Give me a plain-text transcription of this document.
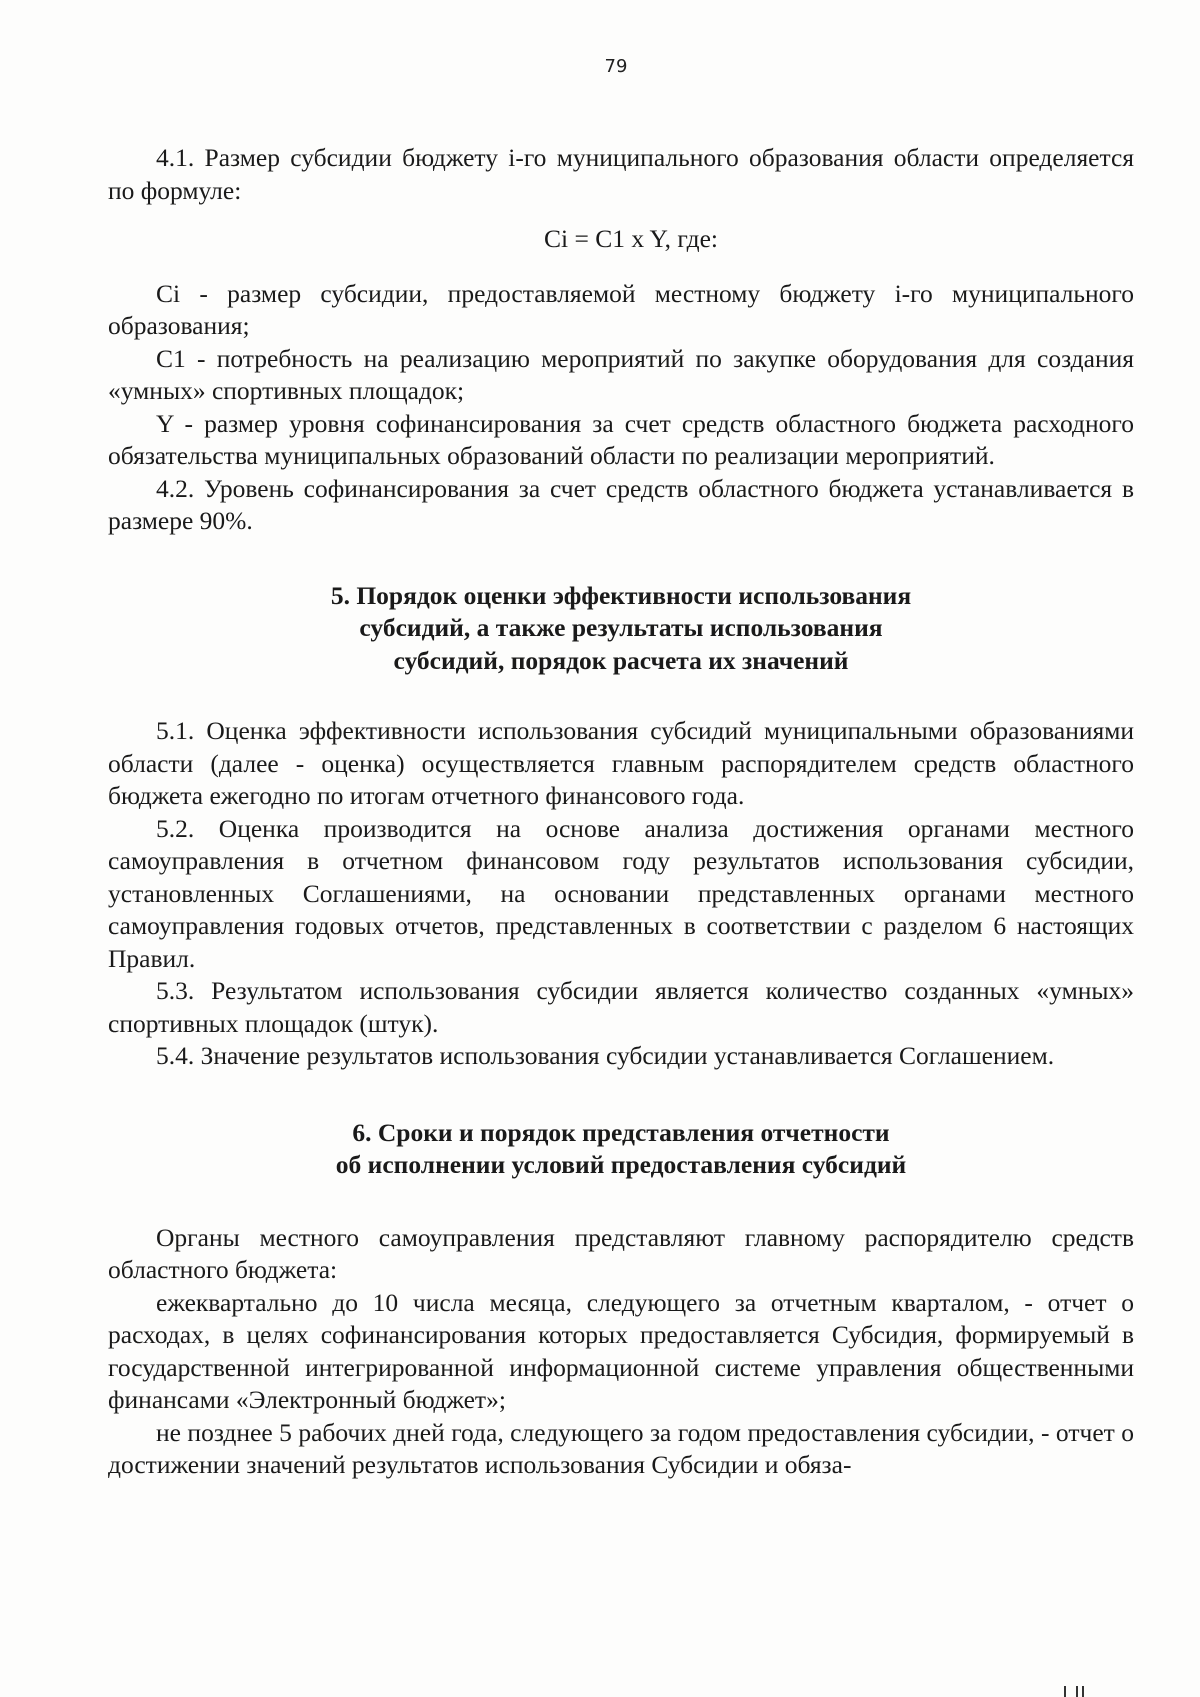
79

4.1. Размер субсидии бюджету i-го муниципального образования области определяется по формуле:

Ci = C1 x Y, где:

Ci - размер субсидии, предоставляемой местному бюджету i-го муниципального образования;

C1 - потребность на реализацию мероприятий по закупке оборудования для создания «умных» спортивных площадок;

Y - размер уровня софинансирования за счет средств областного бюджета расходного обязательства муниципальных образований области по реализации мероприятий.

4.2. Уровень софинансирования за счет средств областного бюджета устанавливается в размере 90%.

5. Порядок оценки эффективности использования
субсидий, а также результаты использования
субсидий, порядок расчета их значений

5.1. Оценка эффективности использования субсидий муниципальными образованиями области (далее - оценка) осуществляется главным распорядителем средств областного бюджета ежегодно по итогам отчетного финансового года.

5.2. Оценка производится на основе анализа достижения органами местного самоуправления в отчетном финансовом году результатов использования субсидии, установленных Соглашениями, на основании представленных органами местного самоуправления годовых отчетов, представленных в соответствии с разделом 6 настоящих Правил.

5.3. Результатом использования субсидии является количество созданных «умных» спортивных площадок (штук).

5.4. Значение результатов использования субсидии устанавливается Соглашением.

6. Сроки и порядок представления отчетности
об исполнении условий предоставления субсидий

Органы местного самоуправления представляют главному распорядителю средств областного бюджета:

ежеквартально до 10 числа месяца, следующего за отчетным кварталом, - отчет о расходах, в целях софинансирования которых предоставляется Субсидия, формируемый в государственной интегрированной информационной системе управления общественными финансами «Электронный бюджет»;

не позднее 5 рабочих дней года, следующего за годом предоставления субсидии, - отчет о достижении значений результатов использования Субсидии и обяза-
